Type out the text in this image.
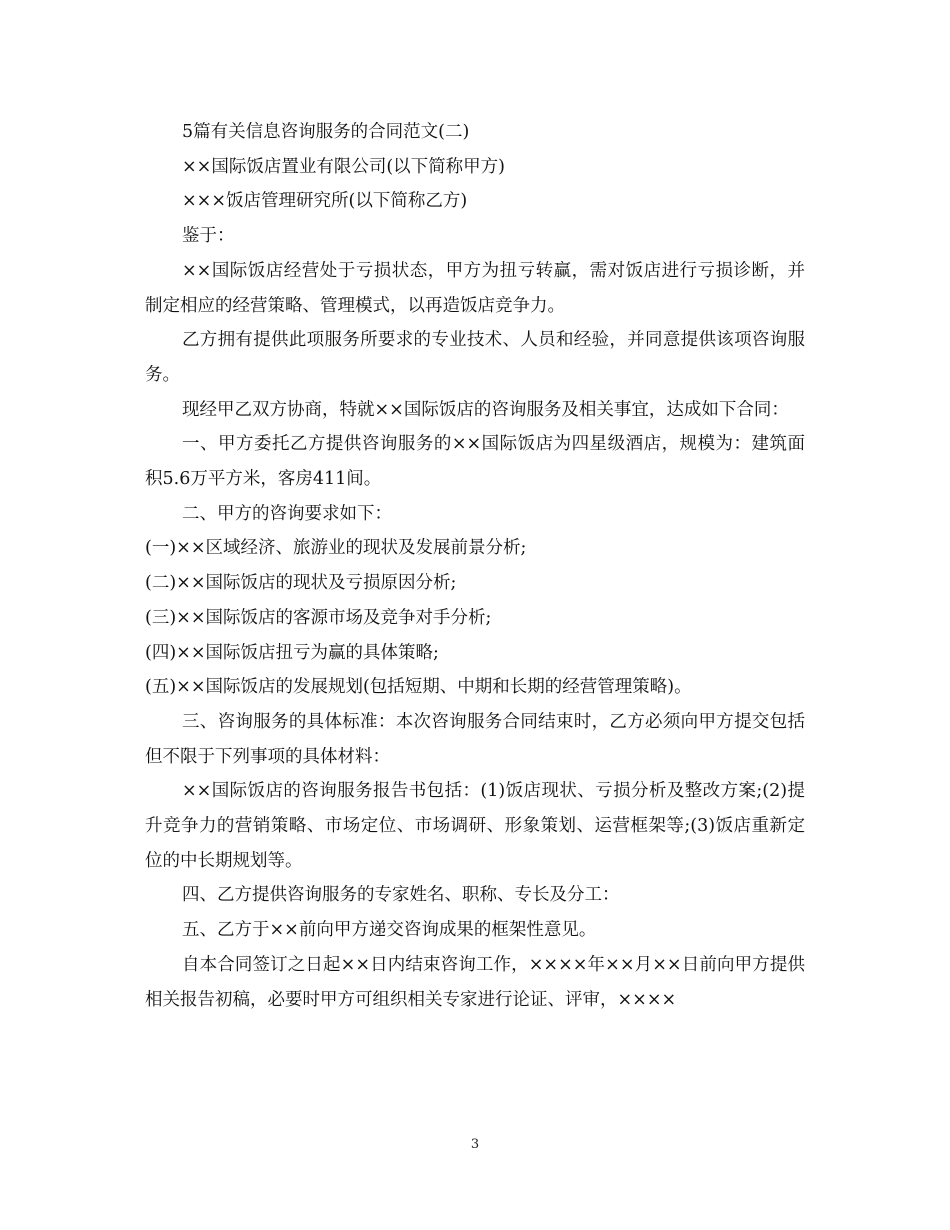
5篇有关信息咨询服务的合同范文(二)

××国际饭店置业有限公司(以下简称甲方)

×××饭店管理研究所(以下简称乙方)

鉴于：

××国际饭店经营处于亏损状态，甲方为扭亏转赢，需对饭店进行亏损诊断，并制定相应的经营策略、管理模式，以再造饭店竞争力。

乙方拥有提供此项服务所要求的专业技术、人员和经验，并同意提供该项咨询服务。

现经甲乙双方协商，特就××国际饭店的咨询服务及相关事宜，达成如下合同：

一、甲方委托乙方提供咨询服务的××国际饭店为四星级酒店，规模为：建筑面积5.6万平方米，客房411间。

二、甲方的咨询要求如下：

(一)××区域经济、旅游业的现状及发展前景分析;

(二)××国际饭店的现状及亏损原因分析;

(三)××国际饭店的客源市场及竞争对手分析;

(四)××国际饭店扭亏为赢的具体策略;

(五)××国际饭店的发展规划(包括短期、中期和长期的经营管理策略)。

三、咨询服务的具体标准：本次咨询服务合同结束时，乙方必须向甲方提交包括但不限于下列事项的具体材料：

××国际饭店的咨询服务报告书包括：(1)饭店现状、亏损分析及整改方案;(2)提升竞争力的营销策略、市场定位、市场调研、形象策划、运营框架等;(3)饭店重新定位的中长期规划等。

四、乙方提供咨询服务的专家姓名、职称、专长及分工：

五、乙方于××前向甲方递交咨询成果的框架性意见。

自本合同签订之日起××日内结束咨询工作，××××年××月××日前向甲方提供相关报告初稿，必要时甲方可组织相关专家进行论证、评审，××××

3
